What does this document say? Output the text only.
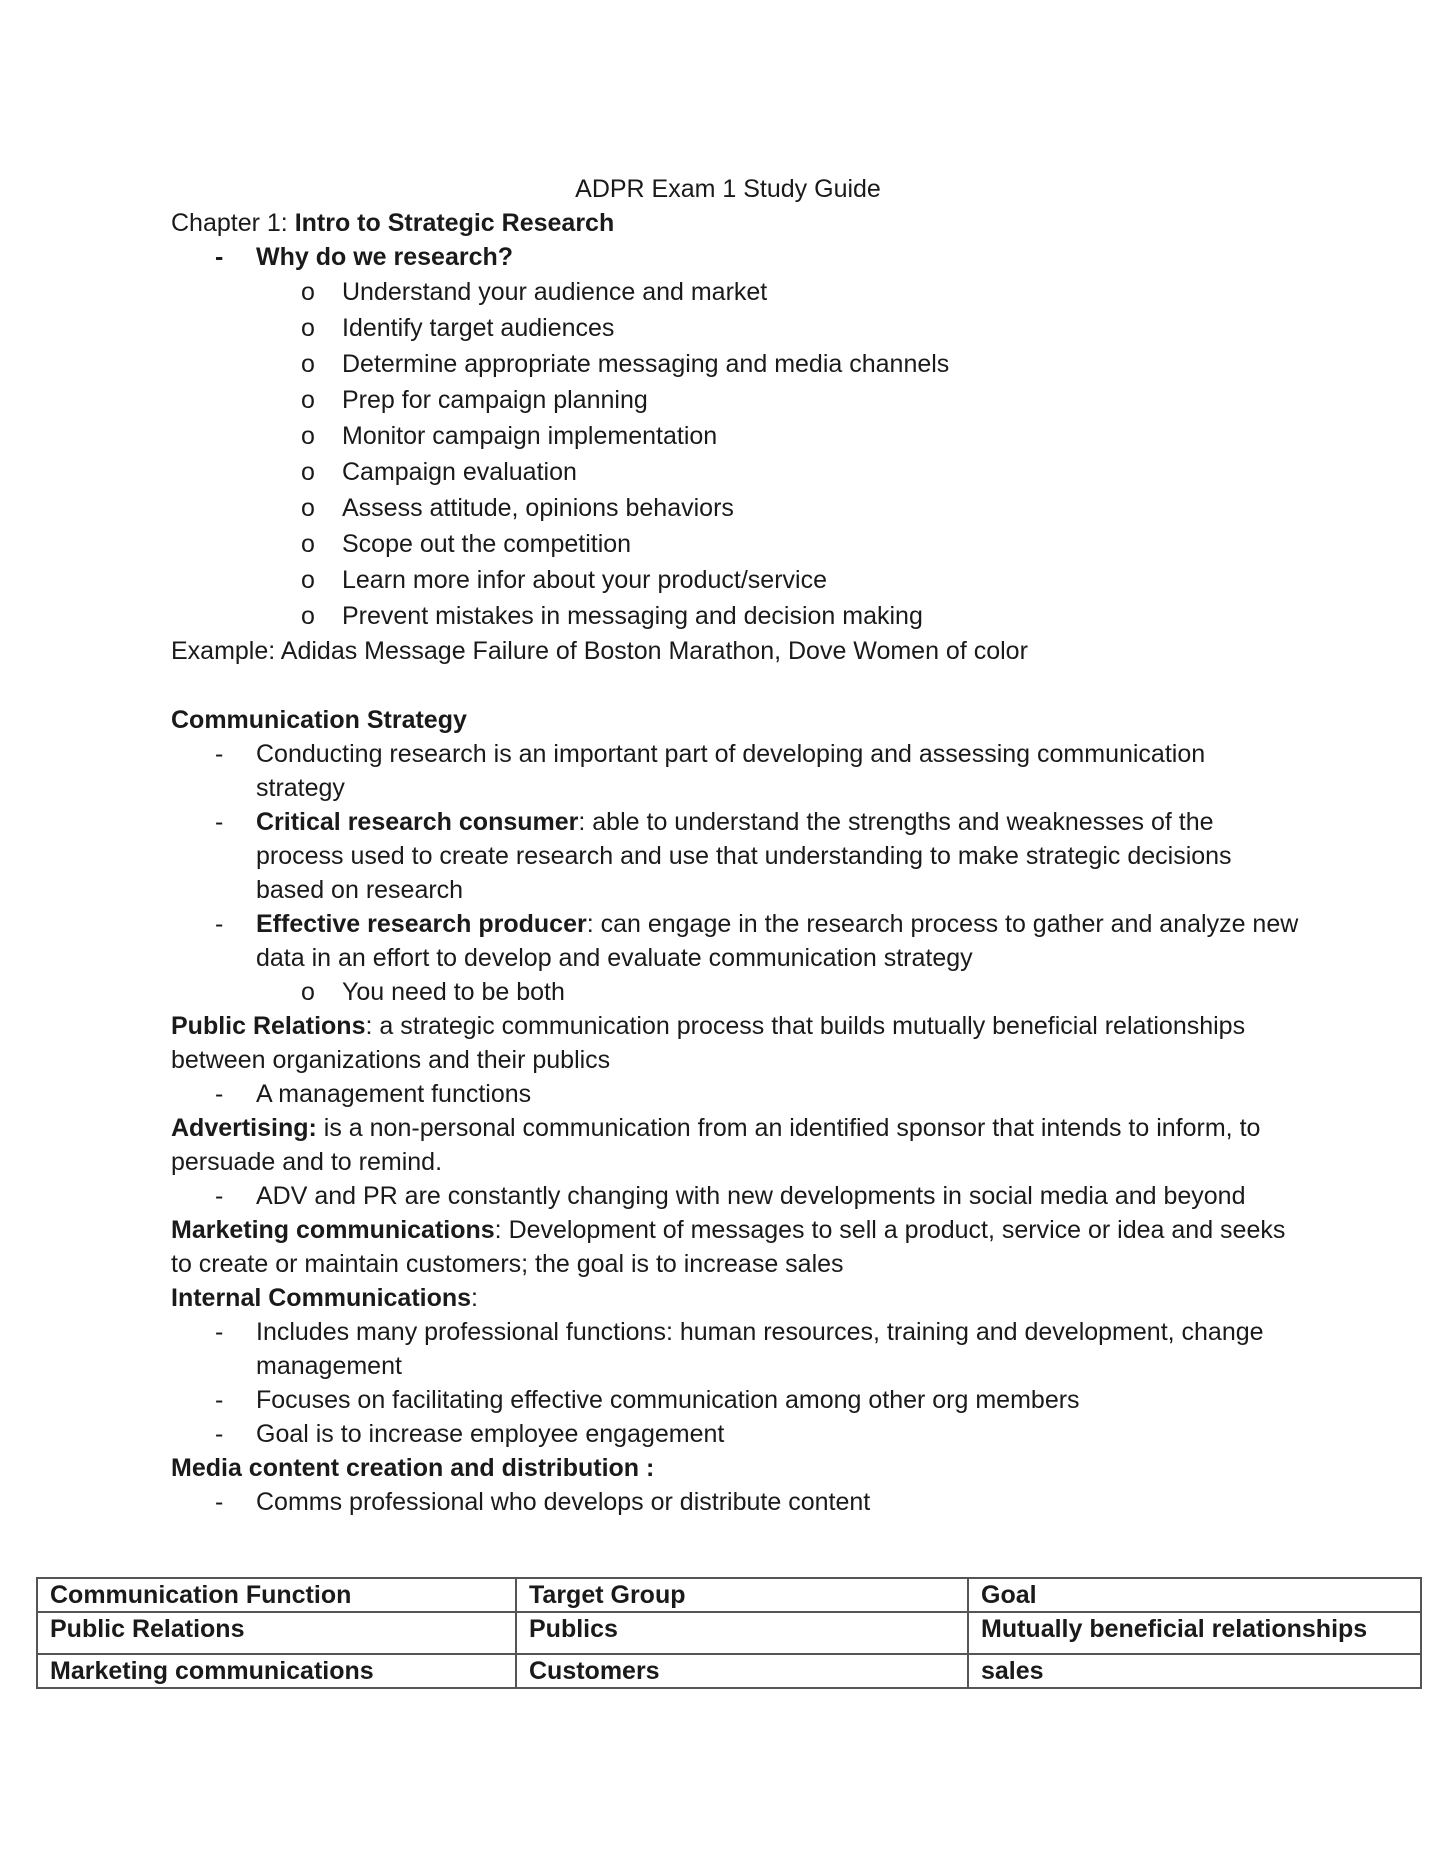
ADPR Exam 1 Study Guide
Chapter 1: Intro to Strategic Research
- Why do we research?
o Understand your audience and market
o Identify target audiences
o Determine appropriate messaging and media channels
o Prep for campaign planning
o Monitor campaign implementation
o Campaign evaluation
o Assess attitude, opinions behaviors
o Scope out the competition
o Learn more infor about your product/service
o Prevent mistakes in messaging and decision making
Example: Adidas Message Failure of Boston Marathon, Dove Women of color
Communication Strategy
- Conducting research is an important part of developing and assessing communication strategy
- Critical research consumer: able to understand the strengths and weaknesses of the process used to create research and use that understanding to make strategic decisions based on research
- Effective research producer: can engage in the research process to gather and analyze new data in an effort to develop and evaluate communication strategy
o You need to be both
Public Relations: a strategic communication process that builds mutually beneficial relationships between organizations and their publics
- A management functions
Advertising: is a non-personal communication from an identified sponsor that intends to inform, to persuade and to remind.
- ADV and PR are constantly changing with new developments in social media and beyond
Marketing communications: Development of messages to sell a product, service or idea and seeks to create or maintain customers; the goal is to increase sales
Internal Communications:
- Includes many professional functions: human resources, training and development, change management
- Focuses on facilitating effective communication among other org members
- Goal is to increase employee engagement
Media content creation and distribution :
- Comms professional who develops or distribute content
Communication Function	Target Group	Goal
Public Relations	Publics	Mutually beneficial relationships
Marketing communications	Customers	sales
